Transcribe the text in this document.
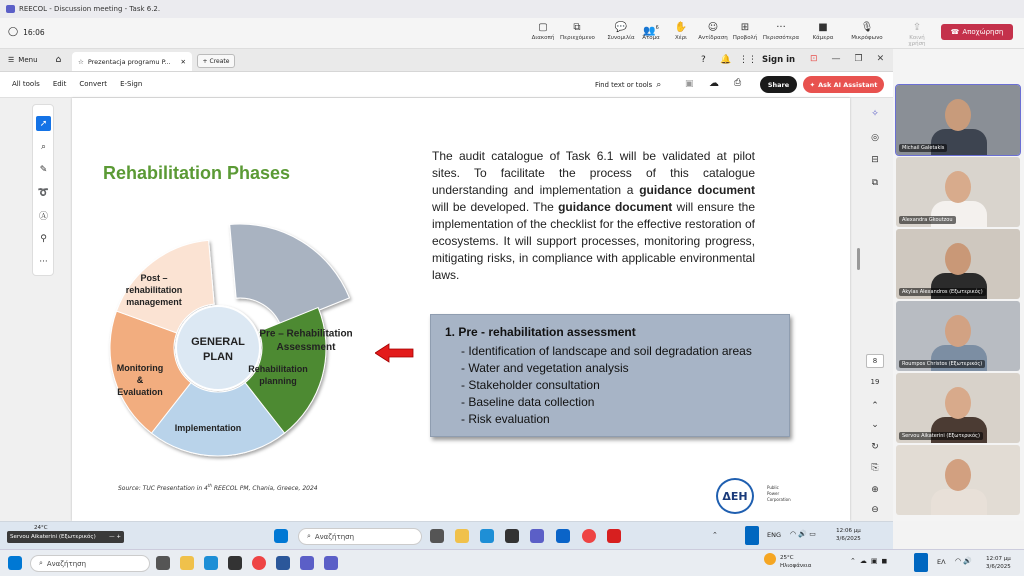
REECOL - Discussion meeting - Task 6.2.
◯ 16:06	▢
Διακοπή
⧉
Περιεχόμενο
💬
Συνομιλία
👥$^6$
Άτομα
✋
Χέρι
☺
Αντίδραση
⊞
Προβολή
···
Περισσότερα
■
Κάμερα
🎙
Μικρόφωνο
⇪
Κοινή χρήση
☎ Αποχώρηση
☰ Menu ⌂	☆ Prezentacja programu P... ✕	+
Create	? 🔔 ⋮⋮ Sign in ⊡ — ❐ ✕
All tools Edit Convert E-Sign	Find text or tools ⌕	▣ ☁ ⎙	Share	✦ Ask AI Assistant
➚
⌕
✎
➰
Ⓐ
⚲
···
✧
◎
⊟
⧉
8
19
⌃
⌄
↻
⎘
⊕
⊖
Rehabilitation Phases
Pre – Rehabilitation Assessment
Rehabilitation planning
Implementation
Monitoring & Evaluation
Post – rehabilitation management
GENERAL PLAN
The audit catalogue of Task 6.1 will be validated at pilot sites. To facilitate the process of this catalogue understanding and implementation a guidance document will be developed. The guidance document will ensure the implementation of the checklist for the effective restoration of ecosystems. It will support processes, monitoring progress, mitigating risks, in compliance with applicable environmental laws.
1. Pre - rehabilitation assessment
- Identification of landscape and soil degradation areas
- Water and vegetation analysis
- Stakeholder consultation
- Baseline data collection
- Risk evaluation
Source: TUC Presentation in 4th REECOL PM, Chania, Greece, 2024
ΔΕΗ
Public
Power
Corporation
Michail Galetakis
Alexandra Gkoutzou
Akylas Alexandros (Εξωτερικός)
Roumpos Christos (Εξωτερικός)
Servou Aikaterini (Εξωτερικός)
24°C
⌕ Αναζήτηση	⌃	ENG ◠ 🔊 ▭	12:06 μμ
3/6/2025
Servou Aikaterini (Εξωτερικός) — +
⌕ Αναζήτηση
25°C
Ηλιοφάνεια
⌃☁▣◼	ΕΛ ◠ 🔊	12:07 μμ
3/6/2025
